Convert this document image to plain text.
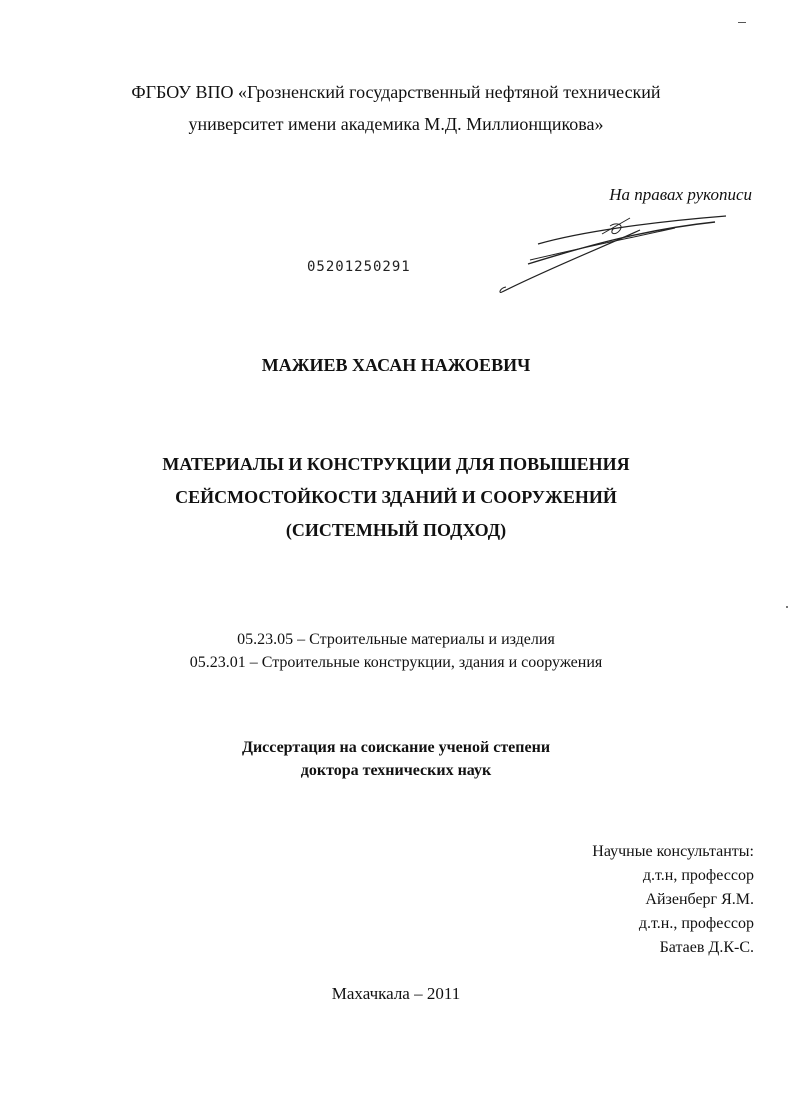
ФГБОУ ВПО «Грозненский государственный нефтяной технический
университет имени академика М.Д. Миллионщикова»
На правах рукописи
05201250291
МАЖИЕВ ХАСАН НАЖОЕВИЧ
МАТЕРИАЛЫ И КОНСТРУКЦИИ ДЛЯ ПОВЫШЕНИЯ
СЕЙСМОСТОЙКОСТИ ЗДАНИЙ И СООРУЖЕНИЙ
(СИСТЕМНЫЙ ПОДХОД)
05.23.05 – Строительные материалы и изделия
05.23.01 – Строительные конструкции, здания и сооружения
Диссертация на соискание ученой степени
доктора технических наук
Научные консультанты:
д.т.н, профессор
Айзенберг Я.М.
д.т.н., профессор
Батаев Д.К-С.
Махачкала – 2011
